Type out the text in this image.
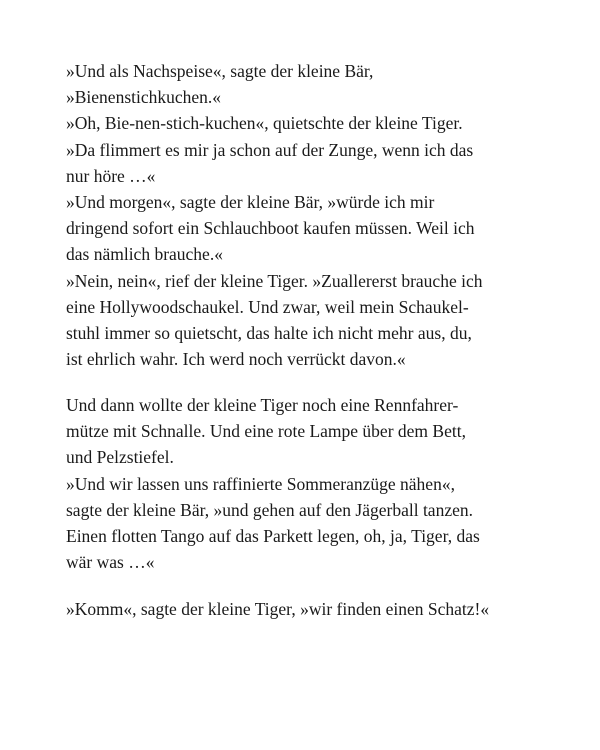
»Und als Nachspeise«, sagte der kleine Bär,
»Bienenstichkuchen.«
»Oh, Bie-nen-stich-kuchen«, quietschte der kleine Tiger.
»Da flimmert es mir ja schon auf der Zunge, wenn ich das
nur höre …«
»Und morgen«, sagte der kleine Bär, »würde ich mir
dringend sofort ein Schlauchboot kaufen müssen. Weil ich
das nämlich brauche.«
»Nein, nein«, rief der kleine Tiger. »Zuallererst brauche ich
eine Hollywoodschaukel. Und zwar, weil mein Schaukel-
stuhl immer so quietscht, das halte ich nicht mehr aus, du,
ist ehrlich wahr. Ich werd noch verrückt davon.«
Und dann wollte der kleine Tiger noch eine Rennfahrer-
mütze mit Schnalle. Und eine rote Lampe über dem Bett,
und Pelzstiefel.
»Und wir lassen uns raffinierte Sommeranzüge nähen«,
sagte der kleine Bär, »und gehen auf den Jägerball tanzen.
Einen flotten Tango auf das Parkett legen, oh, ja, Tiger, das
wär was …«
»Komm«, sagte der kleine Tiger, »wir finden einen Schatz!«
